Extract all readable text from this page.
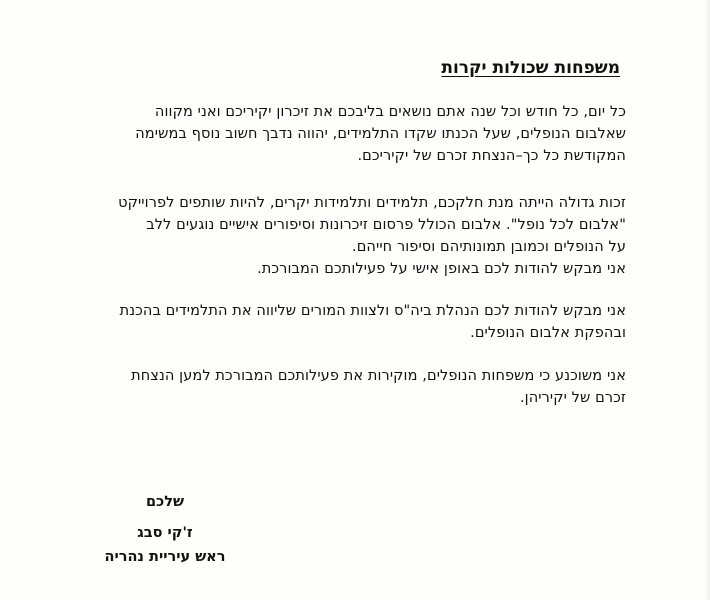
משפחות שכולות יקרות
כל יום, כל חודש וכל שנה אתם נושאים בליבכם את זיכרון יקיריכם ואני מקווה
שאלבום הנופלים, שעל הכנתו שקדו התלמידים, יהווה נדבך חשוב נוסף במשימה
המקודשת כל כך–הנצחת זכרם של יקיריכם.
זכות גדולה הייתה מנת חלקכם, תלמידים ותלמידות יקרים, להיות שותפים לפרוייקט
"אלבום לכל נופל". אלבום הכולל פרסום זיכרונות וסיפורים אישיים נוגעים ללב
על הנופלים וכמובן תמונותיהם וסיפור חייהם.
אני מבקש להודות לכם באופן אישי על פעילותכם המבורכת.
אני מבקש להודות לכם הנהלת ביה"ס ולצוות המורים שליווה את התלמידים בהכנת
ובהפקת אלבום הנופלים.
אני משוכנע כי משפחות הנופלים, מוקירות את פעילותכם המבורכת למען הנצחת
זכרם של יקיריהן.
שלכם
ז'קי סבג
ראש עיריית נהריה
